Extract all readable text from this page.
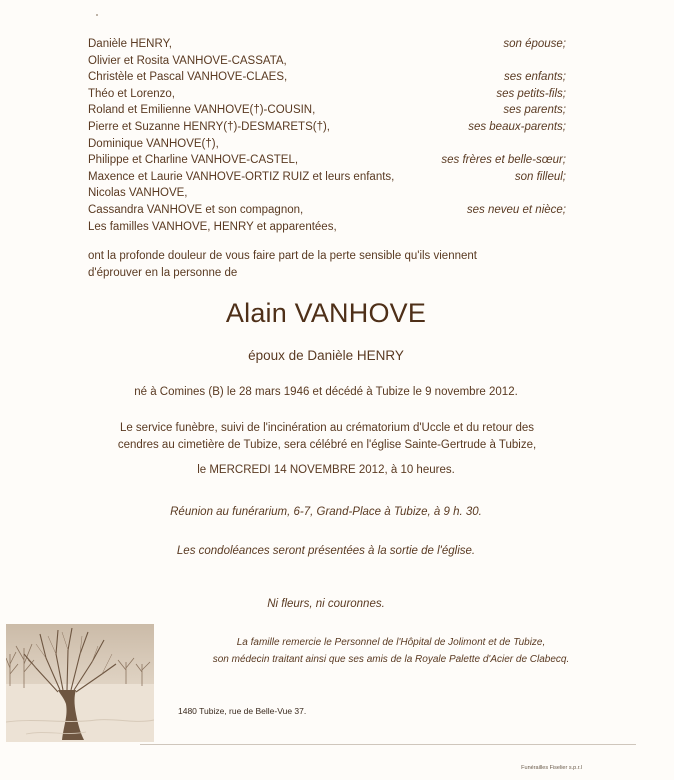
Danièle HENRY,	son épouse;
Olivier et Rosita VANHOVE-CASSATA,
Christèle et Pascal VANHOVE-CLAES,	ses enfants;
Théo et Lorenzo,	ses petits-fils;
Roland et Emilienne VANHOVE(†)-COUSIN,	ses parents;
Pierre et Suzanne HENRY(†)-DESMARETS(†),	ses beaux-parents;
Dominique VANHOVE(†),
Philippe et Charline VANHOVE-CASTEL,	ses frères et belle-sœur;
Maxence et Laurie VANHOVE-ORTIZ RUIZ et leurs enfants,	son filleul;
Nicolas VANHOVE,
Cassandra VANHOVE et son compagnon,	ses neveu et nièce;
Les familles VANHOVE, HENRY et apparentées,

ont la profonde douleur de vous faire part de la perte sensible qu'ils viennent

d'éprouver en la personne de

Alain VANHOVE
époux de Danièle HENRY
né à Comines (B) le 28 mars 1946 et décédé à Tubize le 9 novembre 2012.

Le service funèbre, suivi de l'incinération au crématorium d'Uccle et du retour des

cendres au cimetière de Tubize, sera célébré en l'église Sainte-Gertrude à Tubize,

le MERCREDI 14 NOVEMBRE 2012, à 10 heures.
Réunion au funérarium, 6-7, Grand-Place à Tubize, à 9 h. 30.
Les condoléances seront présentées à la sortie de l'église.
Ni fleurs, ni couronnes.

La famille remercie le Personnel de l'Hôpital de Jolimont et de Tubize,

son médecin traitant ainsi que ses amis de la Royale Palette d'Acier de Clabecq.

1480 Tubize, rue de Belle-Vue 37.
Funérailles Fiselier s.p.r.l
